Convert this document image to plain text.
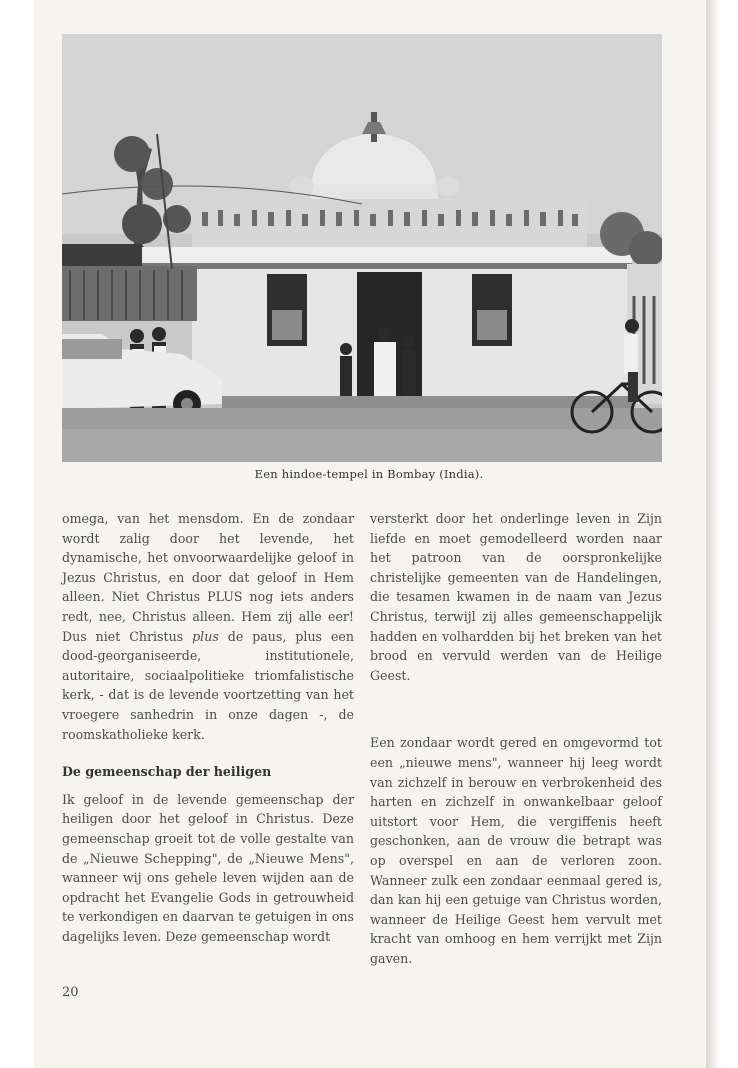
Een hindoe-tempel in Bombay (India).

omega, van het mensdom. En de zondaar wordt zalig door het levende, het dynamische, het onvoorwaardelijke geloof in Jezus Christus, en door dat geloof in Hem alleen. Niet Christus PLUS nog iets anders redt, nee, Christus alleen. Hem zij alle eer! Dus niet Christus plus de paus, plus een dood-georganiseerde, institutionele, autoritaire, sociaalpolitieke triomfalistische kerk, - dat is de levende voortzetting van het vroegere sanhedrin in onze dagen -, de roomskatholieke kerk.

De gemeenschap der heiligen

Ik geloof in de levende gemeenschap der heiligen door het geloof in Christus. Deze gemeenschap groeit tot de volle gestalte van de „Nieuwe Schepping", de „Nieuwe Mens", wanneer wij ons gehele leven wijden aan de opdracht het Evangelie Gods in getrouwheid te verkondigen en daarvan te getuigen in ons dagelijks leven. Deze gemeenschap wordt

versterkt door het onderlinge leven in Zijn liefde en moet gemodelleerd worden naar het patroon van de oorspronkelijke christelijke gemeenten van de Handelingen, die tesamen kwamen in de naam van Jezus Christus, terwijl zij alles gemeenschappelijk hadden en volhardden bij het breken van het brood en vervuld werden van de Heilige Geest.

Een zondaar wordt gered en omgevormd tot een „nieuwe mens", wanneer hij leeg wordt van zichzelf in berouw en verbrokenheid des harten en zichzelf in onwankelbaar geloof uitstort voor Hem, die vergiffenis heeft geschonken, aan de vrouw die betrapt was op overspel en aan de verloren zoon. Wanneer zulk een zondaar eenmaal gered is, dan kan hij een getuige van Christus worden, wanneer de Heilige Geest hem vervult met kracht van omhoog en hem verrijkt met Zijn gaven.

20
